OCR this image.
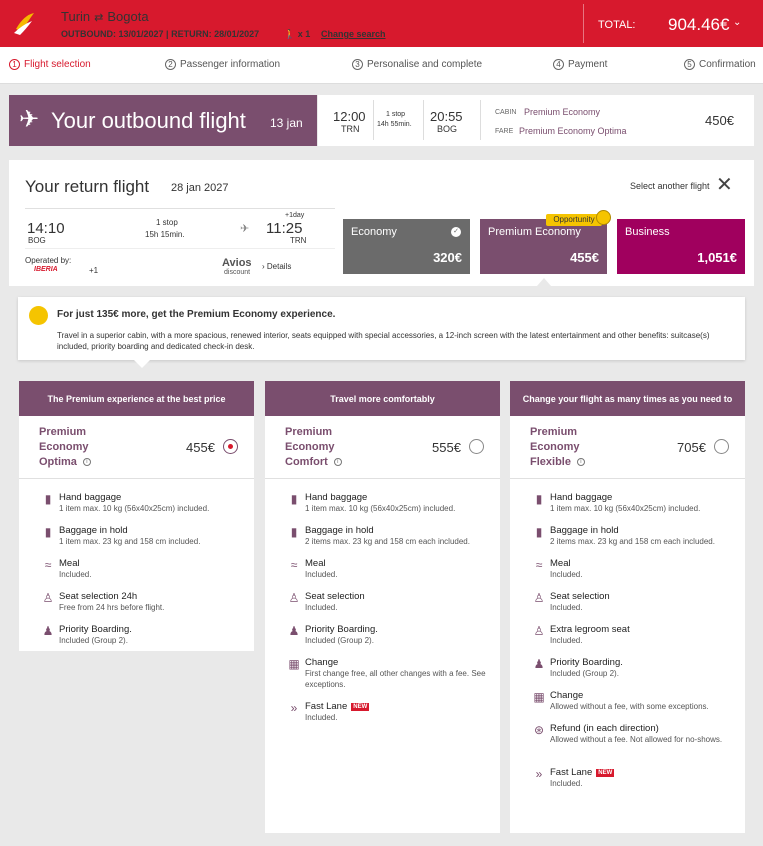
Turin ⇄ Bogota
OUTBOUND: 13/01/2027 | RETURN: 28/01/2027	🚶 x 1 Change search
TOTAL: 904.46€ ⌄
1 Flight selection	2 Passenger information	3 Personalise and complete	4 Payment	5 Confirmation
✈ Your outbound flight 13 jan 12:00
TRN
1 stop
14h 55min.
20:55
BOG
CABIN Premium Economy
FARE Premium Economy Optima
450€
Your return flight 28 jan 2027	Select another flight ✕
14:10
BOG
1 stop
15h 15min.	✈
+1day
11:25
TRN
Operated by:
IBERIA	+1
Avios
discount
› Details
Economy	✓
320€
Premium Economy
455€
Business
1,051€
Opportunity
For just 135€ more, get the Premium Economy experience.
Travel in a superior cabin, with a more spacious, renewed interior, seats equipped with special accessories, a 12-inch screen with the latest entertainment and other benefits: suitcase(s) included, priority boarding and dedicated check-in desk.
The Premium experience at the best price
Premium
Economy
Optima i
455€
▮ Hand baggage
1 item max. 10 kg (56x40x25cm) included.
▮ Baggage in hold
1 item max. 23 kg and 158 cm included.
≈ Meal
Included.
♙ Seat selection 24h
Free from 24 hrs before flight.
♟ Priority Boarding.
Included (Group 2).
Travel more comfortably
Premium
Economy
Comfort i
555€
▮ Hand baggage
1 item max. 10 kg (56x40x25cm) included.
▮ Baggage in hold
2 items max. 23 kg and 158 cm each included.
≈ Meal
Included.
♙ Seat selection
Included.
♟ Priority Boarding.
Included (Group 2).
▦ Change
First change free, all other changes with a fee. See exceptions.
» Fast Lane NEW
Included.
Change your flight as many times as you need to
Premium
Economy
Flexible i
705€
▮ Hand baggage
1 item max. 10 kg (56x40x25cm) included.
▮ Baggage in hold
2 items max. 23 kg and 158 cm each included.
≈ Meal
Included.
♙ Seat selection
Included.
♙ Extra legroom seat
Included.
♟ Priority Boarding.
Included (Group 2).
▦ Change
Allowed without a fee, with some exceptions.
⊛ Refund (in each direction)
Allowed without a fee. Not allowed for no-shows.
» Fast Lane NEW
Included.
